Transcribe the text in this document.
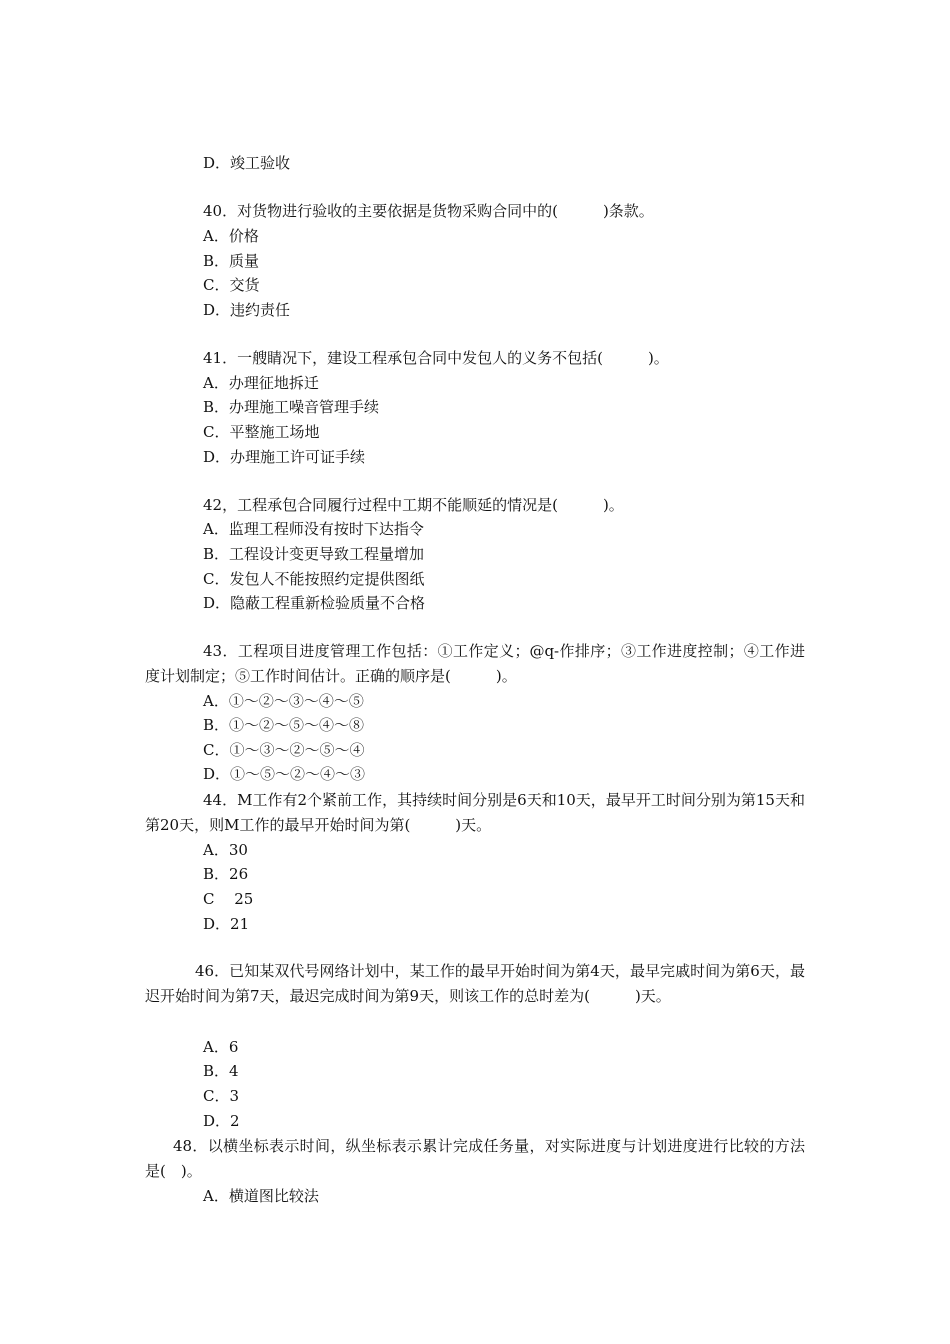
D．竣工验收
40．对货物进行验收的主要依据是货物采购合同中的(　　　)条款。
A．价格
B．质量
C．交货
D．违约责任
41．一艘睛况下，建设工程承包合同中发包人的义务不包括(　　　)。
A．办理征地拆迁
B．办理施工噪音管理手续
C．平整施工场地
D．办理施工许可证手续
42，工程承包合同履行过程中工期不能顺延的情况是(　　　)。
A．监理工程师没有按时下达指令
B．工程设计变更导致工程量增加
C．发包人不能按照约定提供图纸
D．隐蔽工程重新检验质量不合格
43．工程项目进度管理工作包括：①工作定义；@q-作排序；③工作进度控制；④工作进度计划制定；⑤工作时间估计。正确的顺序是(　　　)。
A．①～②～③～④～⑤
B．①～②～⑤～④～⑧
C．①～③～②～⑤～④
D．①～⑤～②～④～③
44．M工作有2个紧前工作，其持续时间分别是6天和10天，最早开工时间分别为第15天和第20天，则M工作的最早开始时间为第(　　　)天。
A．30
B．26
C　 25
D．21
46．已知某双代号网络计划中，某工作的最早开始时间为第4天，最早完戚时间为第6天，最迟开始时间为第7天，最迟完成时间为第9天，则该工作的总时差为(　　　)天。
A．6
B．4
C．3
D．2
48．以横坐标表示时间，纵坐标表示累计完成任务量，对实际进度与计划进度进行比较的方法是(　)。
A．横道图比较法
